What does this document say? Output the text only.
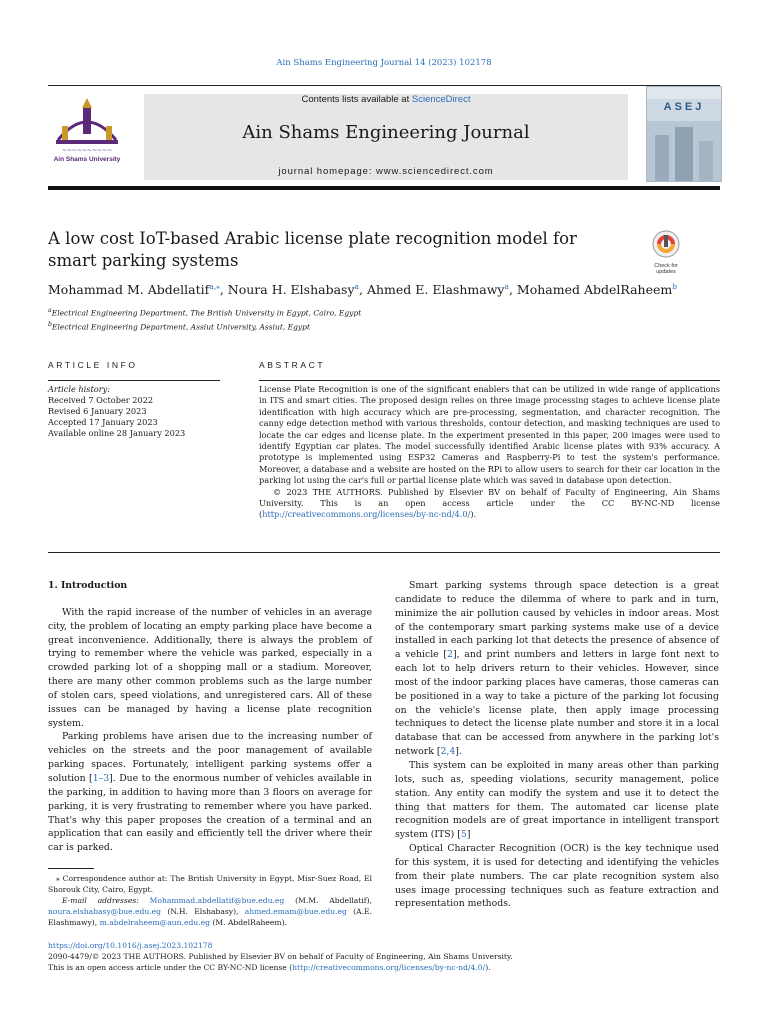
Ain Shams Engineering Journal 14 (2023) 102178
~~~~~~~~~~
Ain Shams University
Contents lists available at ScienceDirect
Ain Shams Engineering Journal
journal homepage: www.sciencedirect.com
ASEJ
A low cost IoT-based Arabic license plate recognition model for smart parking systems	Check for updates
Mohammad M. Abdellatif$^{a,⁎}$, Noura H. Elshabasy$^a$, Ahmed E. Elashmawy$^a$, Mohamed AbdelRaheem$^b$
$^a$Electrical Engineering Department, The British University in Egypt, Cairo, Egypt
$^b$Electrical Engineering Department, Assiut University, Assiut, Egypt
ARTICLE INFO	ABSTRACT
Article history:
Received 7 October 2022
Revised 6 January 2023
Accepted 17 January 2023
Available online 28 January 2023
License Plate Recognition is one of the significant enablers that can be utilized in wide range of applications in ITS and smart cities. The proposed design relies on three image processing stages to achieve license plate identification with high accuracy which are pre-processing, segmentation, and character recognition. The canny edge detection method with various thresholds, contour detection, and masking techniques are used to locate the car edges and license plate. In the experiment presented in this paper, 200 images were used to identify Egyptian car plates. The model successfully identified Arabic license plates with 93% accuracy. A prototype is implemented using ESP32 Cameras and Raspberry-Pi to test the system's performance. Moreover, a database and a website are hosted on the RPi to allow users to search for their car location in the parking lot using the car's full or partial license plate which was saved in database upon detection.
© 2023 THE AUTHORS. Published by Elsevier BV on behalf of Faculty of Engineering, Ain Shams University. This is an open access article under the CC BY-NC-ND license (http://creativecommons.org/licenses/by-nc-nd/4.0/).
1. Introduction

With the rapid increase of the number of vehicles in an average city, the problem of locating an empty parking place have become a great inconvenience. Additionally, there is always the problem of trying to remember where the vehicle was parked, especially in a crowded parking lot of a shopping mall or a stadium. Moreover, there are many other common problems such as the large number of stolen cars, speed violations, and unregistered cars. All of these issues can be managed by having a license plate recognition system.

Parking problems have arisen due to the increasing number of vehicles on the streets and the poor management of available parking spaces. Fortunately, intelligent parking systems offer a solution [1–3]. Due to the enormous number of vehicles available in the parking, in addition to having more than 3 floors on average for parking, it is very frustrating to remember where you have parked. That's why this paper proposes the creation of a terminal and an application that can easily and efficiently tell the driver where their car is parked.

Smart parking systems through space detection is a great candidate to reduce the dilemma of where to park and in turn, minimize the air pollution caused by vehicles in indoor areas. Most of the contemporary smart parking systems make use of a device installed in each parking lot that detects the presence of absence of a vehicle [2], and print numbers and letters in large font next to each lot to help drivers return to their vehicles. However, since most of the indoor parking places have cameras, those cameras can be positioned in a way to take a picture of the parking lot focusing on the vehicle's license plate, then apply image processing techniques to detect the license plate number and store it in a local database that can be accessed from anywhere in the parking lot's network [2,4].

This system can be exploited in many areas other than parking lots, such as, speeding violations, security management, police station. Any entity can modify the system and use it to detect the thing that matters for them. The automated car license plate recognition models are of great importance in intelligent transport system (ITS) [5]

Optical Character Recognition (OCR) is the key technique used for this system, it is used for detecting and identifying the vehicles from their plate numbers. The car plate recognition system also uses image processing techniques such as feature extraction and representation methods.

⁎ Correspondence author at: The British University in Egypt, Misr-Suez Road, El Shorouk City, Cairo, Egypt.
E-mail addresses: Mohammad.abdellatif@bue.edu.eg (M.M. Abdellatif), noura.elshabasy@bue.edu.eg (N.H. Elshabasy), ahmed.emam@bue.edu.eg (A.E. Elashmawy), m.abdelraheem@aun.edu.eg (M. AbdelRaheem).
https://doi.org/10.1016/j.asej.2023.102178
2090-4479/© 2023 THE AUTHORS. Published by Elsevier BV on behalf of Faculty of Engineering, Ain Shams University.
This is an open access article under the CC BY-NC-ND license (http://creativecommons.org/licenses/by-nc-nd/4.0/).
